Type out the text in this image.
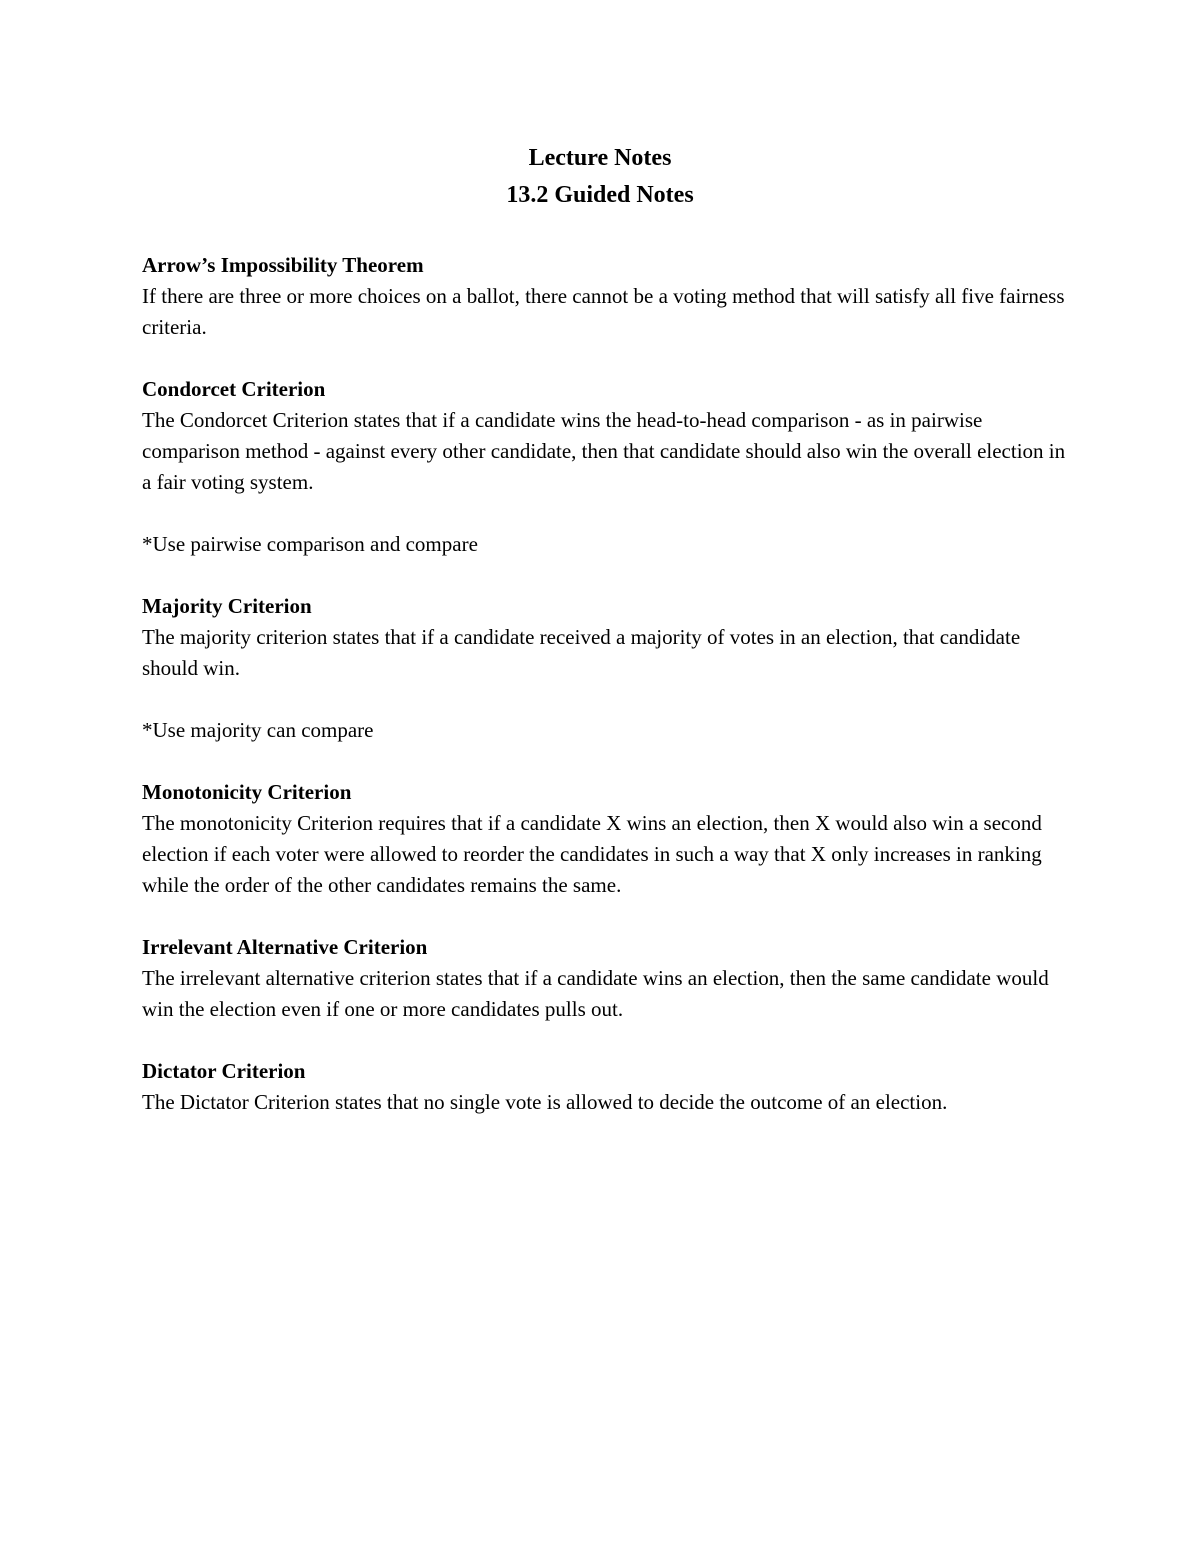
Lecture Notes

13.2 Guided Notes

Arrow’s Impossibility Theorem

If there are three or more choices on a ballot, there cannot be a voting method that will satisfy all five fairness criteria.

Condorcet Criterion

The Condorcet Criterion states that if a candidate wins the head-to-head comparison - as in pairwise comparison method - against every other candidate, then that candidate should also win the overall election in a fair voting system.

*Use pairwise comparison and compare

Majority Criterion

The majority criterion states that if a candidate received a majority of votes in an election, that candidate should win.

*Use majority can compare

Monotonicity Criterion

The monotonicity Criterion requires that if a candidate X wins an election, then X would also win a second election if each voter were allowed to reorder the candidates in such a way that X only increases in ranking while the order of the other candidates remains the same.

Irrelevant Alternative Criterion

The irrelevant alternative criterion states that if a candidate wins an election, then the same candidate would win the election even if one or more candidates pulls out.

Dictator Criterion

The Dictator Criterion states that no single vote is allowed to decide the outcome of an election.
